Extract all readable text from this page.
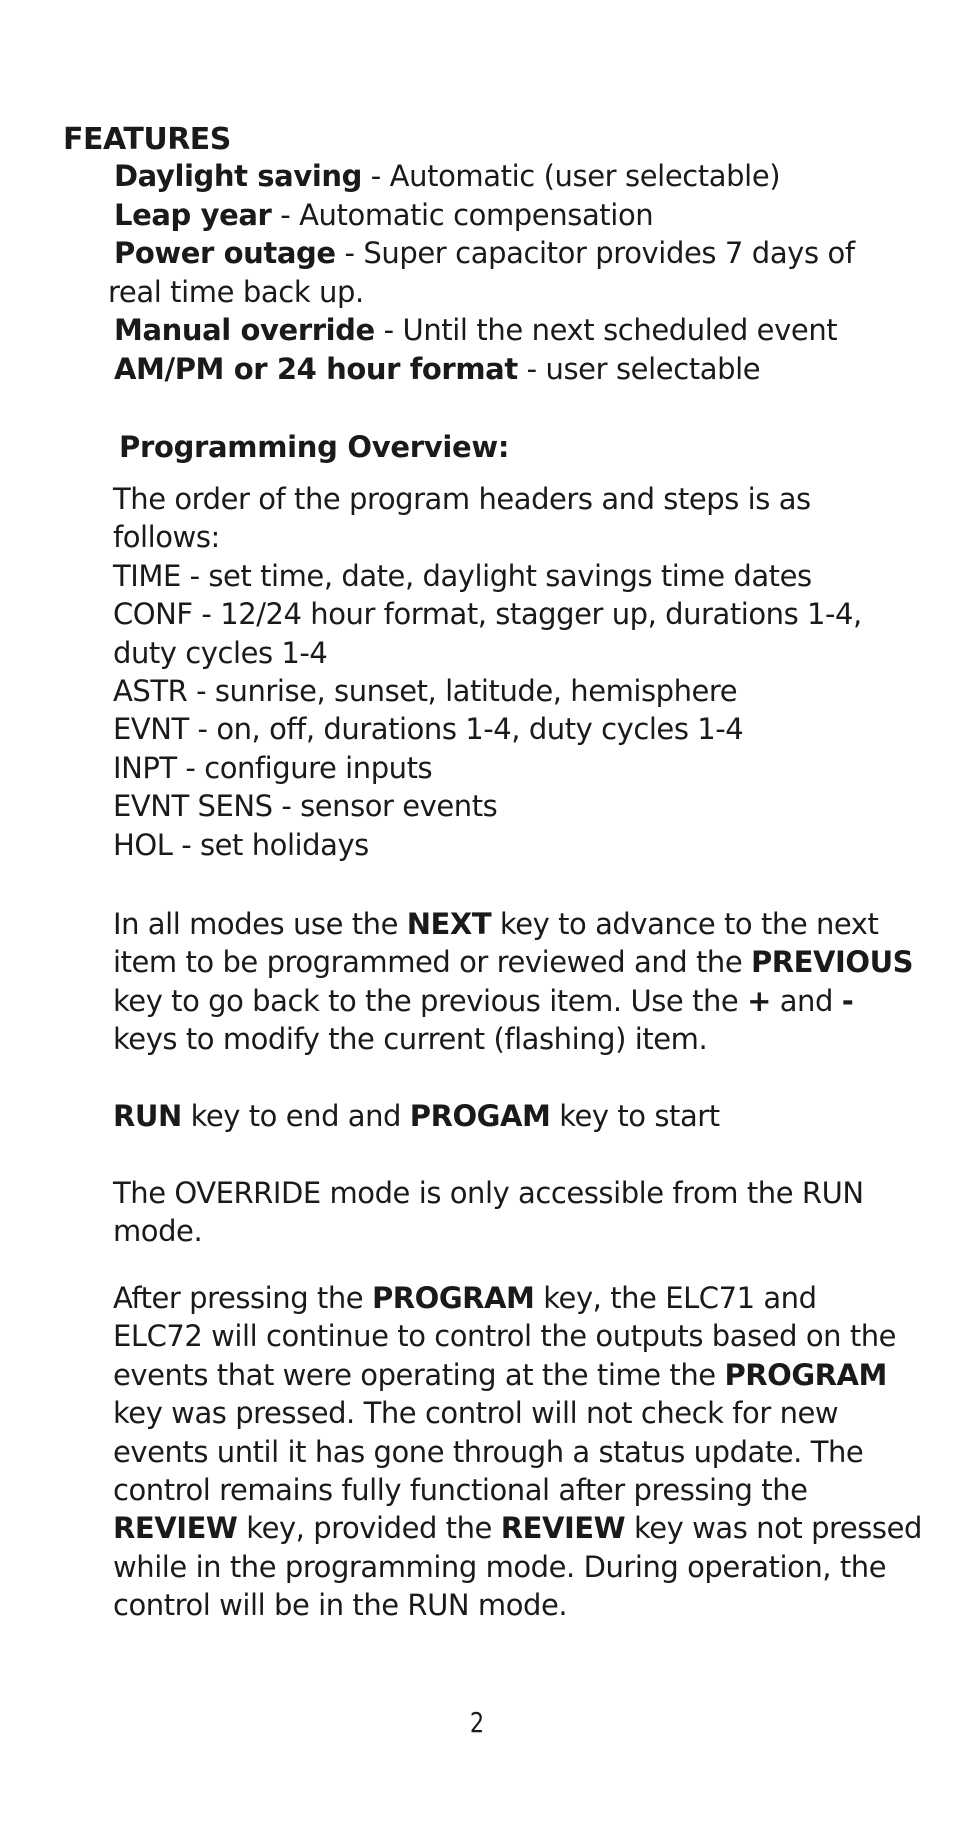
FEATURES

Daylight saving - Automatic (user selectable)

Leap year - Automatic compensation

Power outage - Super capacitor provides 7 days of
real time back up.

Manual override - Until the next scheduled event

AM/PM or 24 hour format - user selectable

Programming Overview:
The order of the program headers and steps is as
follows:
TIME - set time, date, daylight savings time dates
CONF - 12/24 hour format, stagger up, durations 1-4,
duty cycles 1-4
ASTR - sunrise, sunset, latitude, hemisphere
EVNT - on, off, durations 1-4, duty cycles 1-4
INPT - configure inputs
EVNT SENS - sensor events
HOL - set holidays
In all modes use the NEXT key to advance to the next
item to be programmed or reviewed and the PREVIOUS
key to go back to the previous item. Use the + and -
keys to modify the current (flashing) item.
RUN key to end and PROGAM key to start
The OVERRIDE mode is only accessible from the RUN
mode.
After pressing the PROGRAM key, the ELC71 and
ELC72 will continue to control the outputs based on the
events that were operating at the time the PROGRAM
key was pressed. The control will not check for new
events until it has gone through a status update. The
control remains fully functional after pressing the
REVIEW key, provided the REVIEW key was not pressed
while in the programming mode. During operation, the
control will be in the RUN mode.
2
